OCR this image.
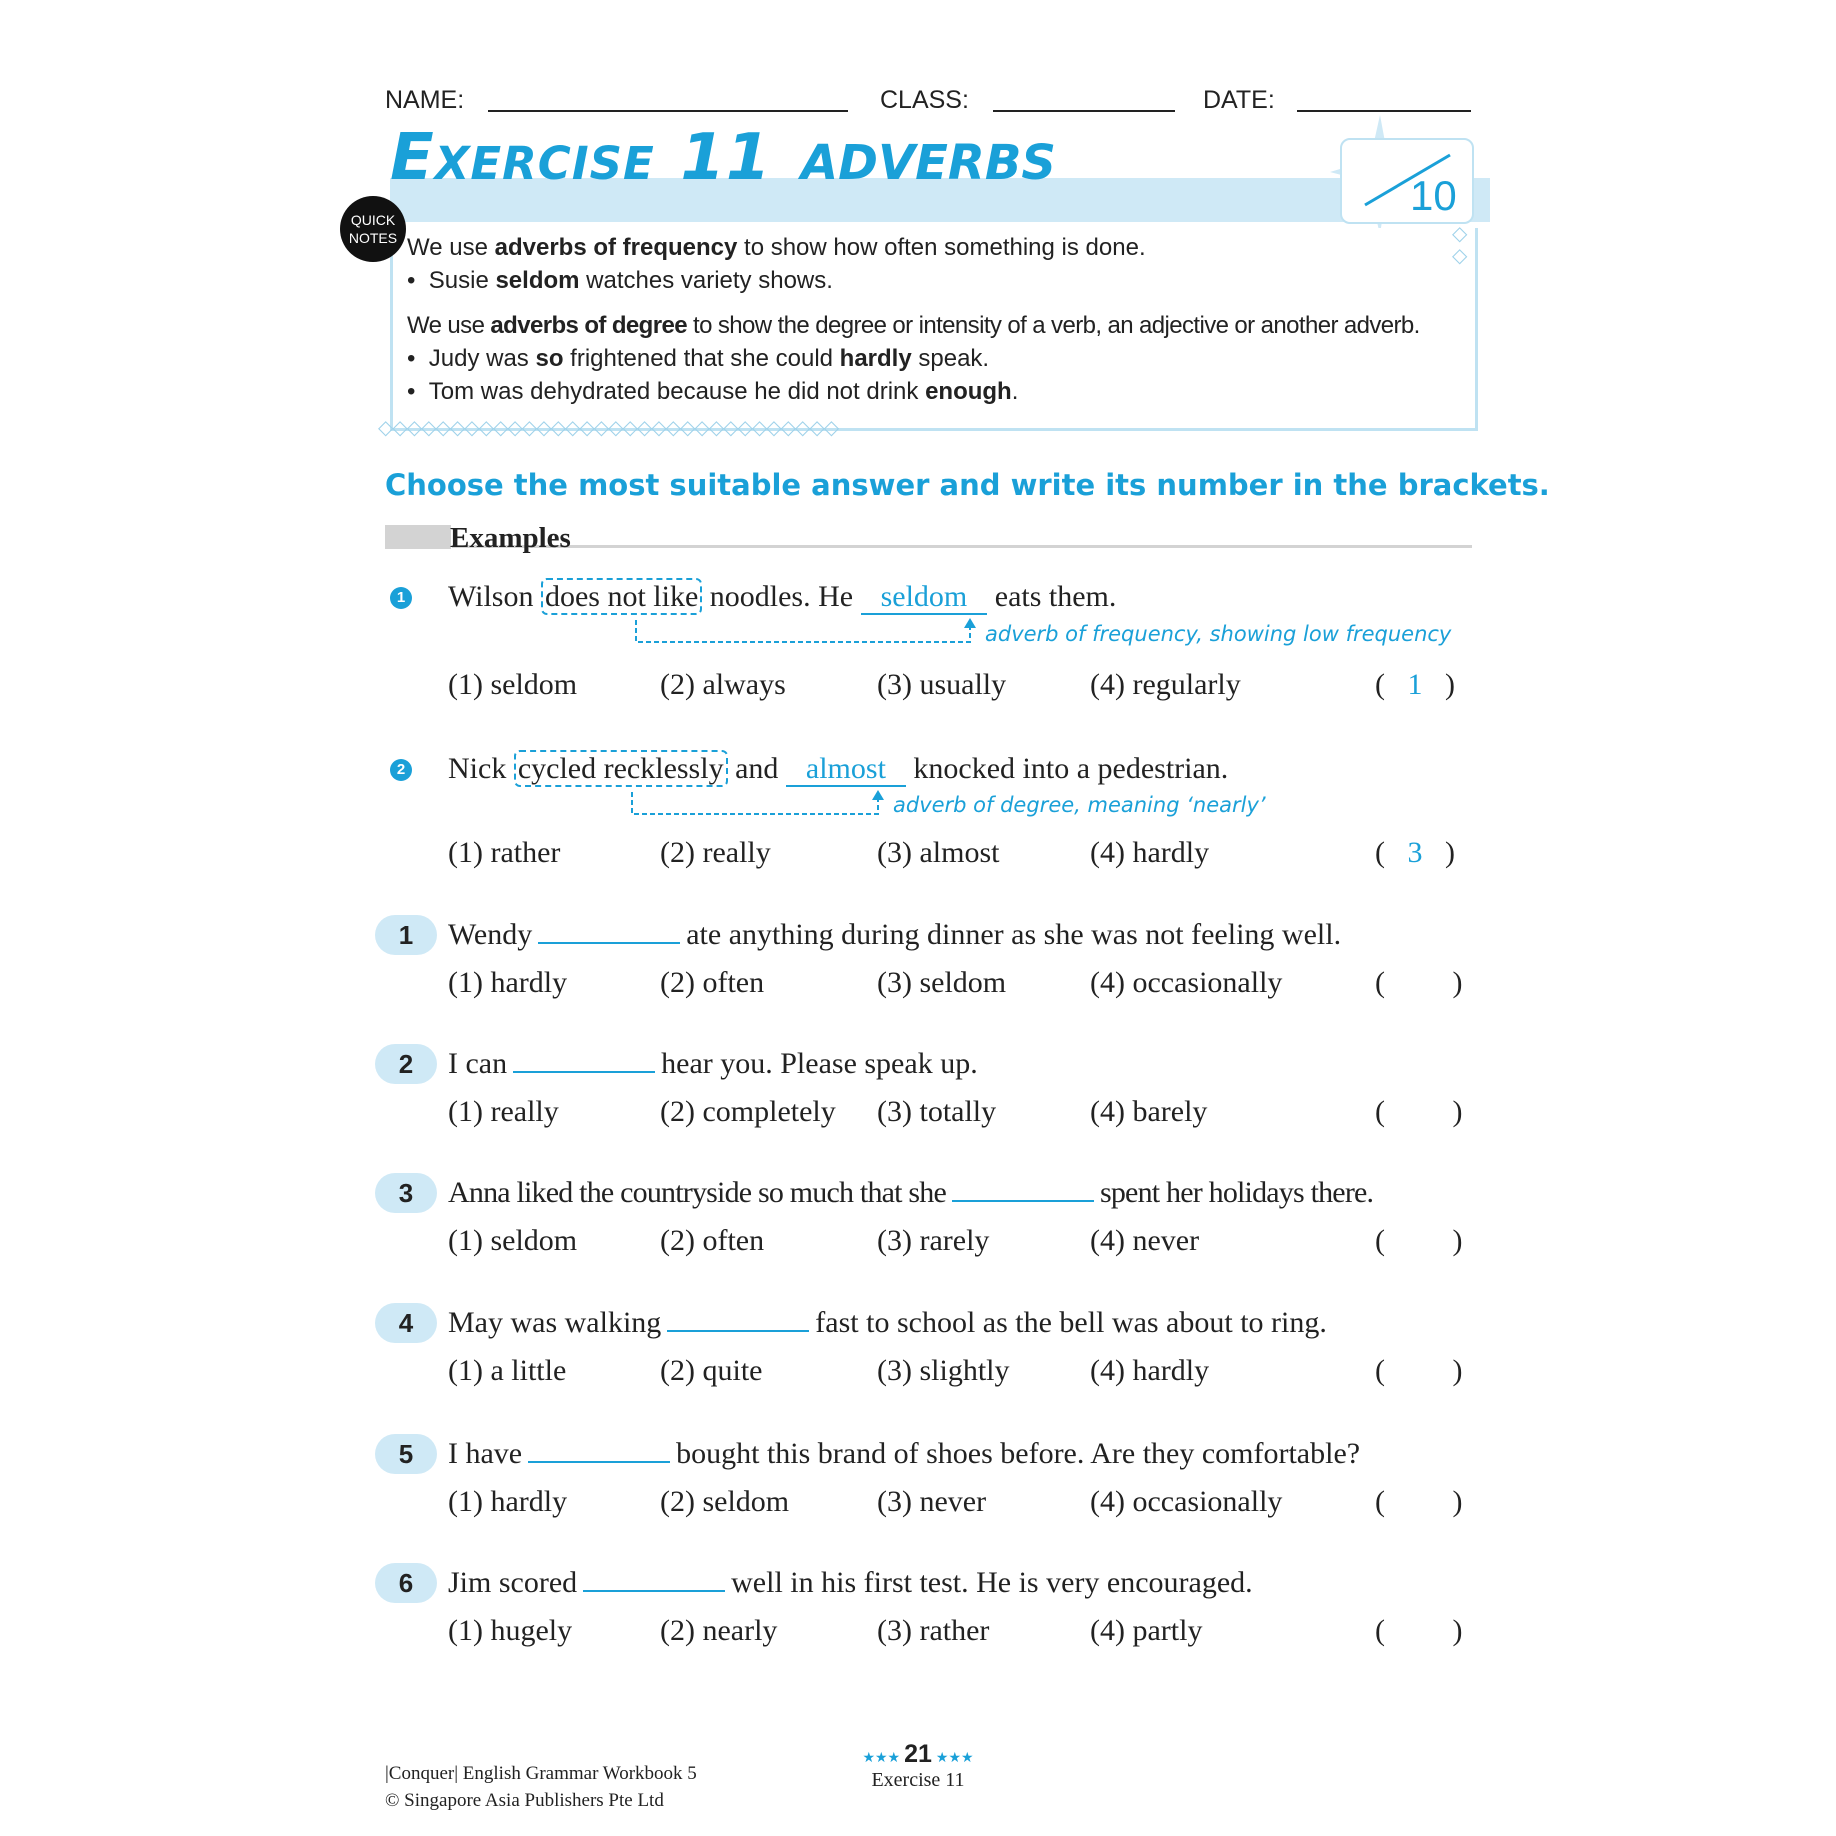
NAME:	CLASS:	DATE:
10
Exercise 11 ADVERBS
QUICK
NOTES	◇
◇
◇◇◇◇◇◇◇◇◇◇◇◇◇◇◇◇◇◇◇◇◇◇◇◇◇◇◇◇◇◇◇◇
We use adverbs of frequency to show how often something is done.
•  Susie seldom watches variety shows.
We use adverbs of degree to show the degree or intensity of a verb, an adjective or another adverb.
•  Judy was so frightened that she could hardly speak.
•  Tom was dehydrated because he did not drink enough.
Choose the most suitable answer and write its number in the brackets.
Examples
1 Wilson does not like noodles. He seldom eats them.
adverb of frequency, showing low frequency
(1) seldom	(2) always	(3) usually	(4) regularly	(   1   )
2 Nick cycled recklessly and almost knocked into a pedestrian.
adverb of degree, meaning ‘nearly’
(1) rather	(2) really	(3) almost	(4) hardly	(   3   )
1	Wendy	ate anything during dinner as she was not feeling well.
(1) hardly	(2) often	(3) seldom	(4) occasionally	(         )
2	I can	hear you. Please speak up.
(1) really	(2) completely (3) totally	(4) barely	(         )
3	Anna liked the countryside so much that she	spent her holidays there.
(1) seldom	(2) often	(3) rarely	(4) never	(         )
4	May was walking	fast to school as the bell was about to ring.
(1) a little	(2) quite	(3) slightly	(4) hardly	(         )
5	I have	bought this brand of shoes before. Are they comfortable?
(1) hardly	(2) seldom	(3) never	(4) occasionally	(         )
6	Jim scored	well in his first test. He is very encouraged.
(1) hugely	(2) nearly	(3) rather	(4) partly	(         )
|Conquer| English Grammar Workbook 5
© Singapore Asia Publishers Pte Ltd
★★★ 21 ★★★
Exercise 11
